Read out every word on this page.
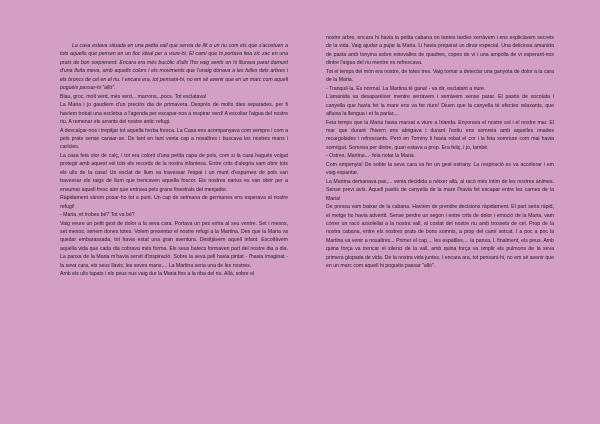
La casa estava situada en una petita vall que servia de llit a un riu com els que s'acostuen a tots aquells que pensen en un lloc ideal per a viure-hi. El camí que hi portava feia zic zac en una prats de bon sorprenent. Encara era més bucòlic d'ulls l'ho vaig sentir on hi lliurava parat damunt d'una lluita meva, amb aquells colors i els moviments que l'onaig donava a les fulles dels arbres i els broncs de cel en el riu. I encara era, tot pensant-hi, no em sé avenir que en un marc com aquell poguéis passar-hi "allò".

Blau, groc, molt verd, més verd... marrons...pocs. Tot esclatava!

La Maria i jo gaudíem d'un preciós dia de primavera. Després de molts dies separades, per fi havíem trobat una escletxa a l'agenda per escapar-nos a respirar verd! A escoltar l'aigua del nostre riu. A remenar els arrants del nostre antic refugi.

A descalçar-nos i trepitjar tot aquella herba fresca. La Casa ens acompanyava com sempre i com a pels prats sense cansar-se. De tant en tant venia cap a nosaltres i buscava les nostres mans i carícies.

La casa feia olor de calç, i tot era colorit d'una petita capa de pols, com si la casa haguès volgut protegir amb aquest vel tots els records de la nostra infantesa. Entre crits d'alegria vam obrir tots els ulls de la casa! Un esclat de llum va travessar l'espai i un munt d'espurnes de pols van travessar els raigs de llum que trencaven aquella foscor. Els nostres narius es van obrir per a ensumar aquell fresc aire que entrava pels grans finestrals del menjador.

Ràpidament vàrem posar-ho tot a punt. Un cap de setmana de germanes ens esperava al nostre refugi!

- Maria, et trobes bé? Tot va bé?

Vaig veure un petit gest de dolor a la seva cara. Portava un pes extra al seu ventre. Set i mesos, set mesos, seriem dones totes. Volem presentar el nostre refugi a la Martina. Des que la Maria va quedar embarassada, tot havia estat una gran aventura. Desitjàvem aquell infant. Escoltàvem aquella vida que cada dia cobrava més forma. Els seus batecs formaven part del nostre dia a dia. La panxa de la Maria m'havia servit d'inspiració. Sobre la seva pell havia pintat - l'havia imaginat - la seva cara, els seus llavis, les seves mans,... La Martina seria una de les nostres.

Amb els ulls tapats i els peus nus vaig dur la Maria fins a la riba del riu. Allà, sobre el

nostre arbre, encara hi havia la petita cabana on tantes tardes xerràvem i ens explicàvem secrets de la vida. Vaig ajudar a pujar la Maria. Li havia preparat un dinar especial. Una deliciosa amanida de pasta amb tonyina sobre estovalles de quadres, copes de vi i una ampolla de vi esperant-nos dintre l'aigua del riu mentre es refrescava.

Tot el temps del món era nostre, de totes tres. Vaig tornar a detectar una ganyota de dolor a la cara de la Maria.

- Tranquil·la. És normal. La Martina té gana! - va dir, esclatant a riure.

L'amanida va desaparèixer mentre xerràvem i xerràvem sense parar. El pastís de xocolata i canyella que havia fet la mare ens va fer riure! Diuen que la canyella té efectes relaxants, que afluixa la llengua i et fa parlar,...

Feia temps que la Maria havia marxat a viure a Irlanda. Enyorava el nostre sol i el nostre mar. El mar que durant l'hivern ens abrigava i durant l'estiu ens somreia amb aquelles onades recargolades i refrescants. Però en Tommy li havia robat el cor i la feia somriure com mai havia somrigut. Somreia per dintre, quan estava a prop. Era feliç, i jo, també.

- Ostres, Martina...- feia notar la Maria.

Com empenyia! De sobte la seva cara va fer un gest estrany. La respiració es va accelerar i em vaig espantar.

La Martina demanava pas,... venia decidida a néixer allà, al racó més íntim de les nostres ànimes. Sense previ avís. Aquell pastís de canyella de la mare l'havia fet escapar entre les carnes de la Maria!

De pressa vam baixar de la cabana. Havíem de prendre decisions ràpidament. El part seria ràpid, el metge ho havia advertit. Sense perdre un segon i entre crits de dolor i emoció de la Maria, vam córrer un racó assolellat a la nostra vall, al costat del nostre riu amb trossets de cel. Prop de la nostra cabana, entre els nostres prats de bons somnis, a prop del camí sotcat. I a poc a poc la Martina va venir a nosaltres... Primer el cap,... les espatlles,... la panxa, l, finalment, els peus. Amb quina força va trencar el silenci de la vall, amb quina força va omplir els pulmons de la seva primera glopada de vida. De la nostra vida juntes. I encara ara, tot pensant-hi, no em sé avenir que en un marc com aquell hi poguéis passar "allò".
